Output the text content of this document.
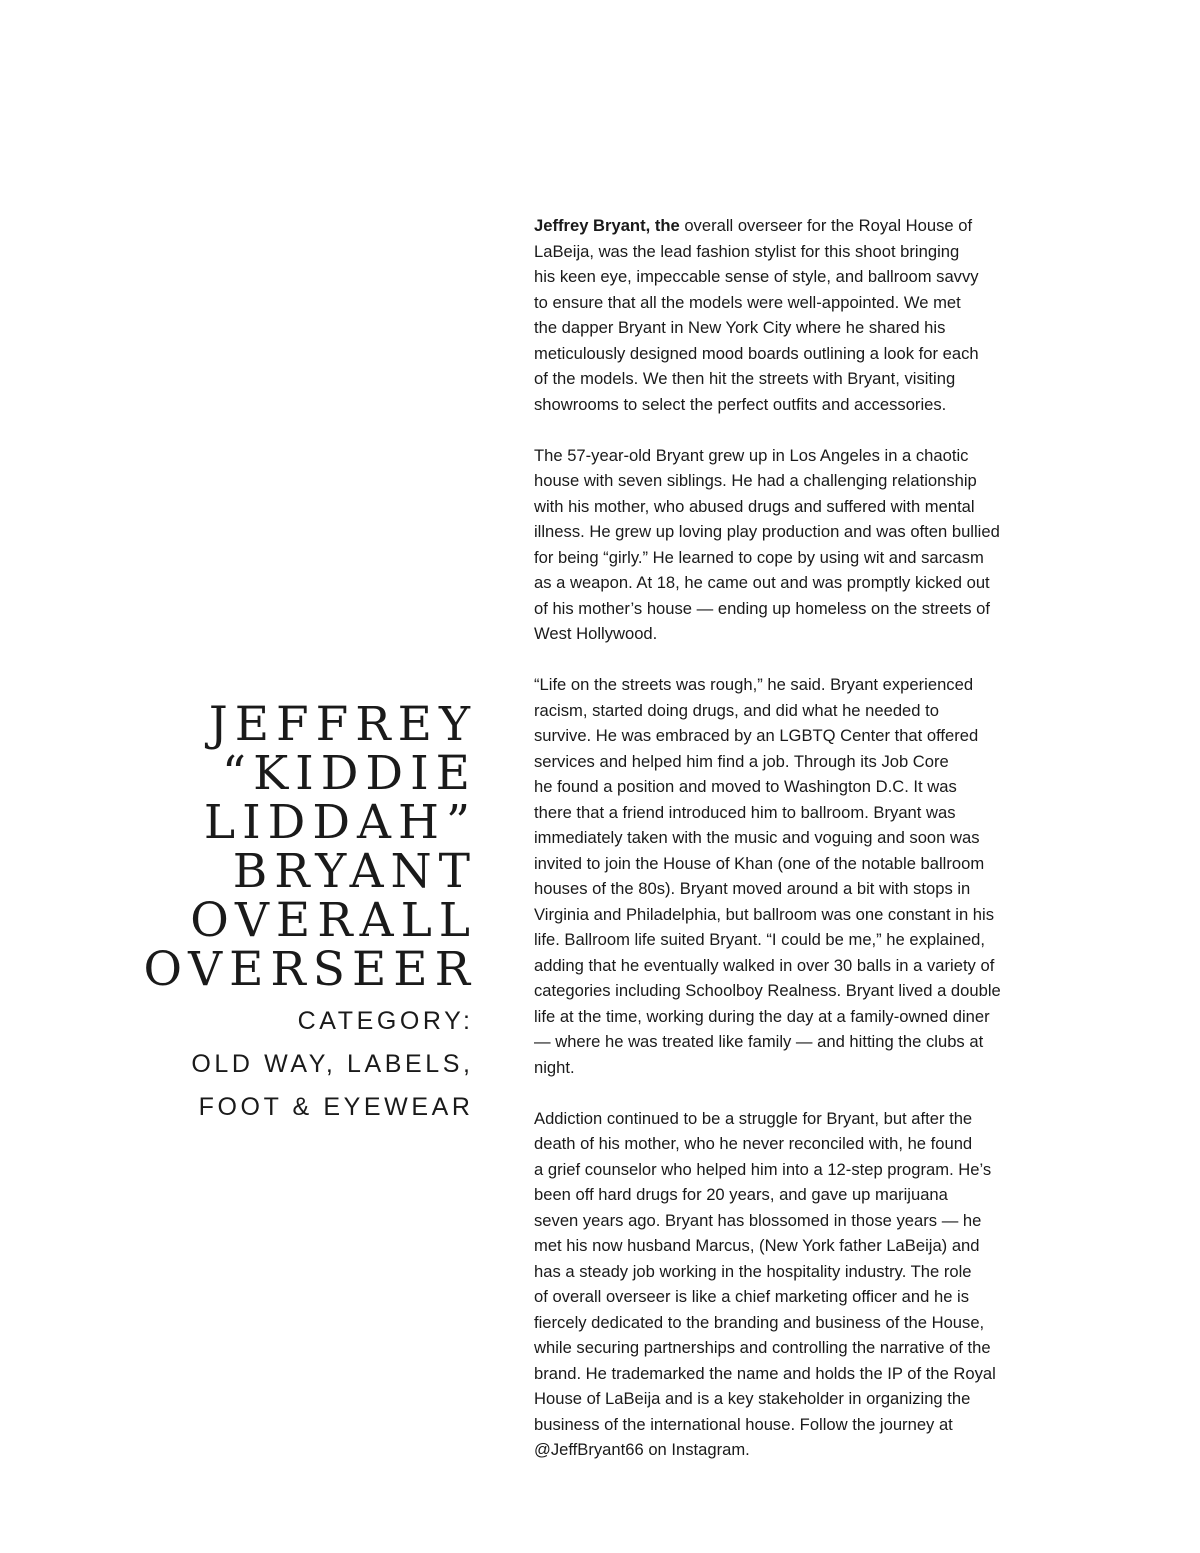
JEFFREY
“KIDDIE
LIDDAH”
BRYANT
OVERALL
OVERSEER
CATEGORY:
OLD WAY, LABELS,
FOOT & EYEWEAR
Jeffrey Bryant, the overall overseer for the Royal House of
LaBeija, was the lead fashion stylist for this shoot bringing
his keen eye, impeccable sense of style, and ballroom savvy
to ensure that all the models were well-appointed. We met
the dapper Bryant in New York City where he shared his
meticulously designed mood boards outlining a look for each
of the models. We then hit the streets with Bryant, visiting
showrooms to select the perfect outfits and accessories.
The 57-year-old Bryant grew up in Los Angeles in a chaotic
house with seven siblings. He had a challenging relationship
with his mother, who abused drugs and suffered with mental
illness. He grew up loving play production and was often bullied
for being “girly.” He learned to cope by using wit and sarcasm
as a weapon. At 18, he came out and was promptly kicked out
of his mother’s house — ending up homeless on the streets of
West Hollywood.
“Life on the streets was rough,” he said. Bryant experienced
racism, started doing drugs, and did what he needed to
survive. He was embraced by an LGBTQ Center that offered
services and helped him find a job. Through its Job Core
he found a position and moved to Washington D.C. It was
there that a friend introduced him to ballroom. Bryant was
immediately taken with the music and voguing and soon was
invited to join the House of Khan (one of the notable ballroom
houses of the 80s). Bryant moved around a bit with stops in
Virginia and Philadelphia, but ballroom was one constant in his
life. Ballroom life suited Bryant. “I could be me,” he explained,
adding that he eventually walked in over 30 balls in a variety of
categories including Schoolboy Realness. Bryant lived a double
life at the time, working during the day at a family-owned diner
— where he was treated like family — and hitting the clubs at
night.
Addiction continued to be a struggle for Bryant, but after the
death of his mother, who he never reconciled with, he found
a grief counselor who helped him into a 12-step program. He’s
been off hard drugs for 20 years, and gave up marijuana
seven years ago. Bryant has blossomed in those years — he
met his now husband Marcus, (New York father LaBeija) and
has a steady job working in the hospitality industry. The role
of overall overseer is like a chief marketing officer and he is
fiercely dedicated to the branding and business of the House,
while securing partnerships and controlling the narrative of the
brand. He trademarked the name and holds the IP of the Royal
House of LaBeija and is a key stakeholder in organizing the
business of the international house. Follow the journey at
@JeffBryant66 on Instagram.
